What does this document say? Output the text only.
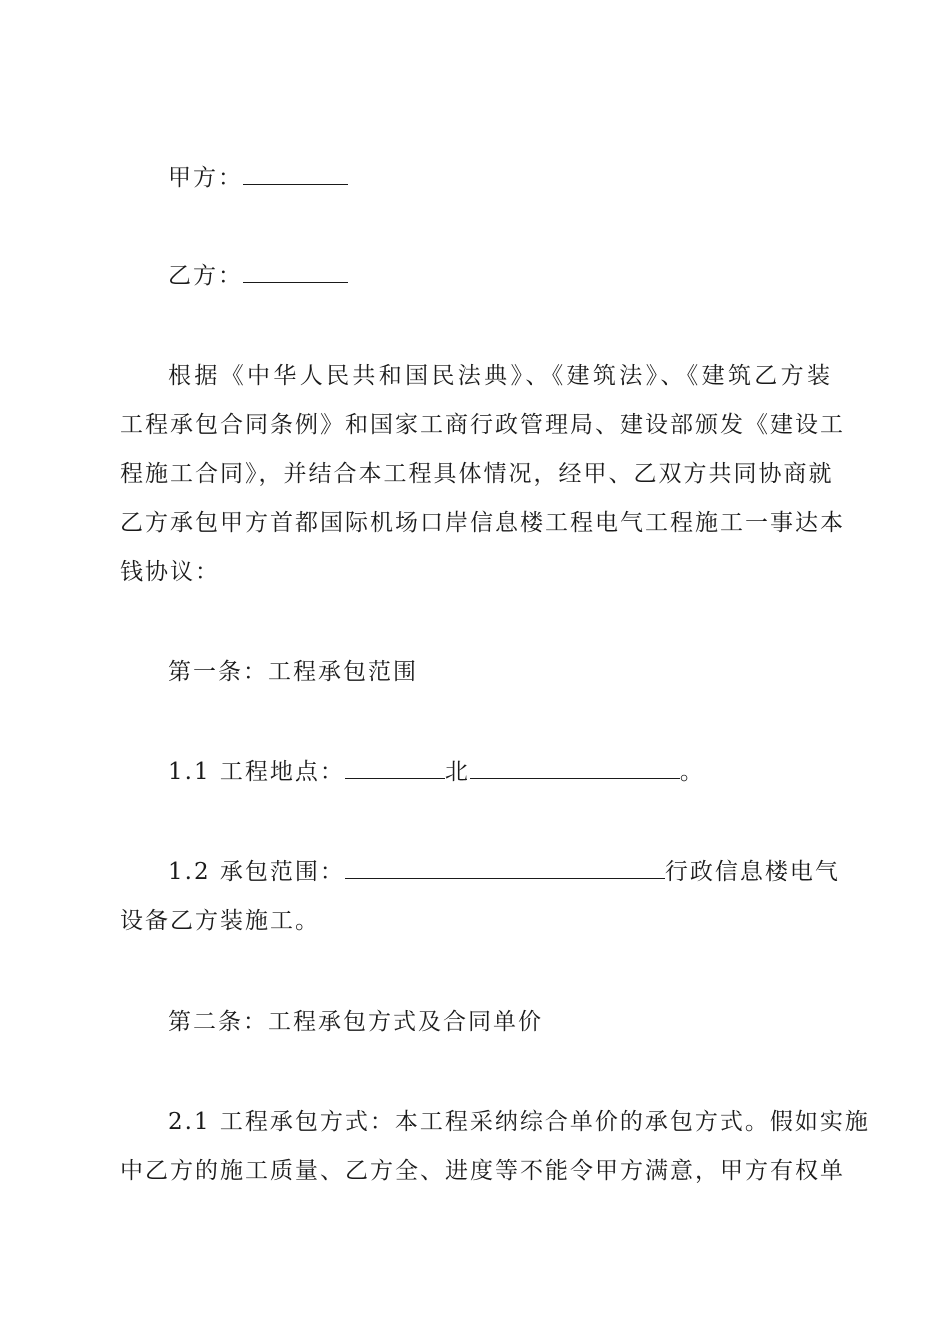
甲方：
乙方：
根据《中华人民共和国民法典》、《建筑法》、《建筑乙方装
工程承包合同条例》和国家工商行政管理局、建设部颁发《建设工
程施工合同》，并结合本工程具体情况，经甲、乙双方共同协商就
乙方承包甲方首都国际机场口岸信息楼工程电气工程施工一事达本
钱协议：
第一条：工程承包范围
1.1 工程地点：	北	。
1.2 承包范围：	行政信息楼电气
设备乙方装施工。
第二条：工程承包方式及合同单价
2.1 工程承包方式：本工程采纳综合单价的承包方式。假如实施
中乙方的施工质量、乙方全、进度等不能令甲方满意，甲方有权单
